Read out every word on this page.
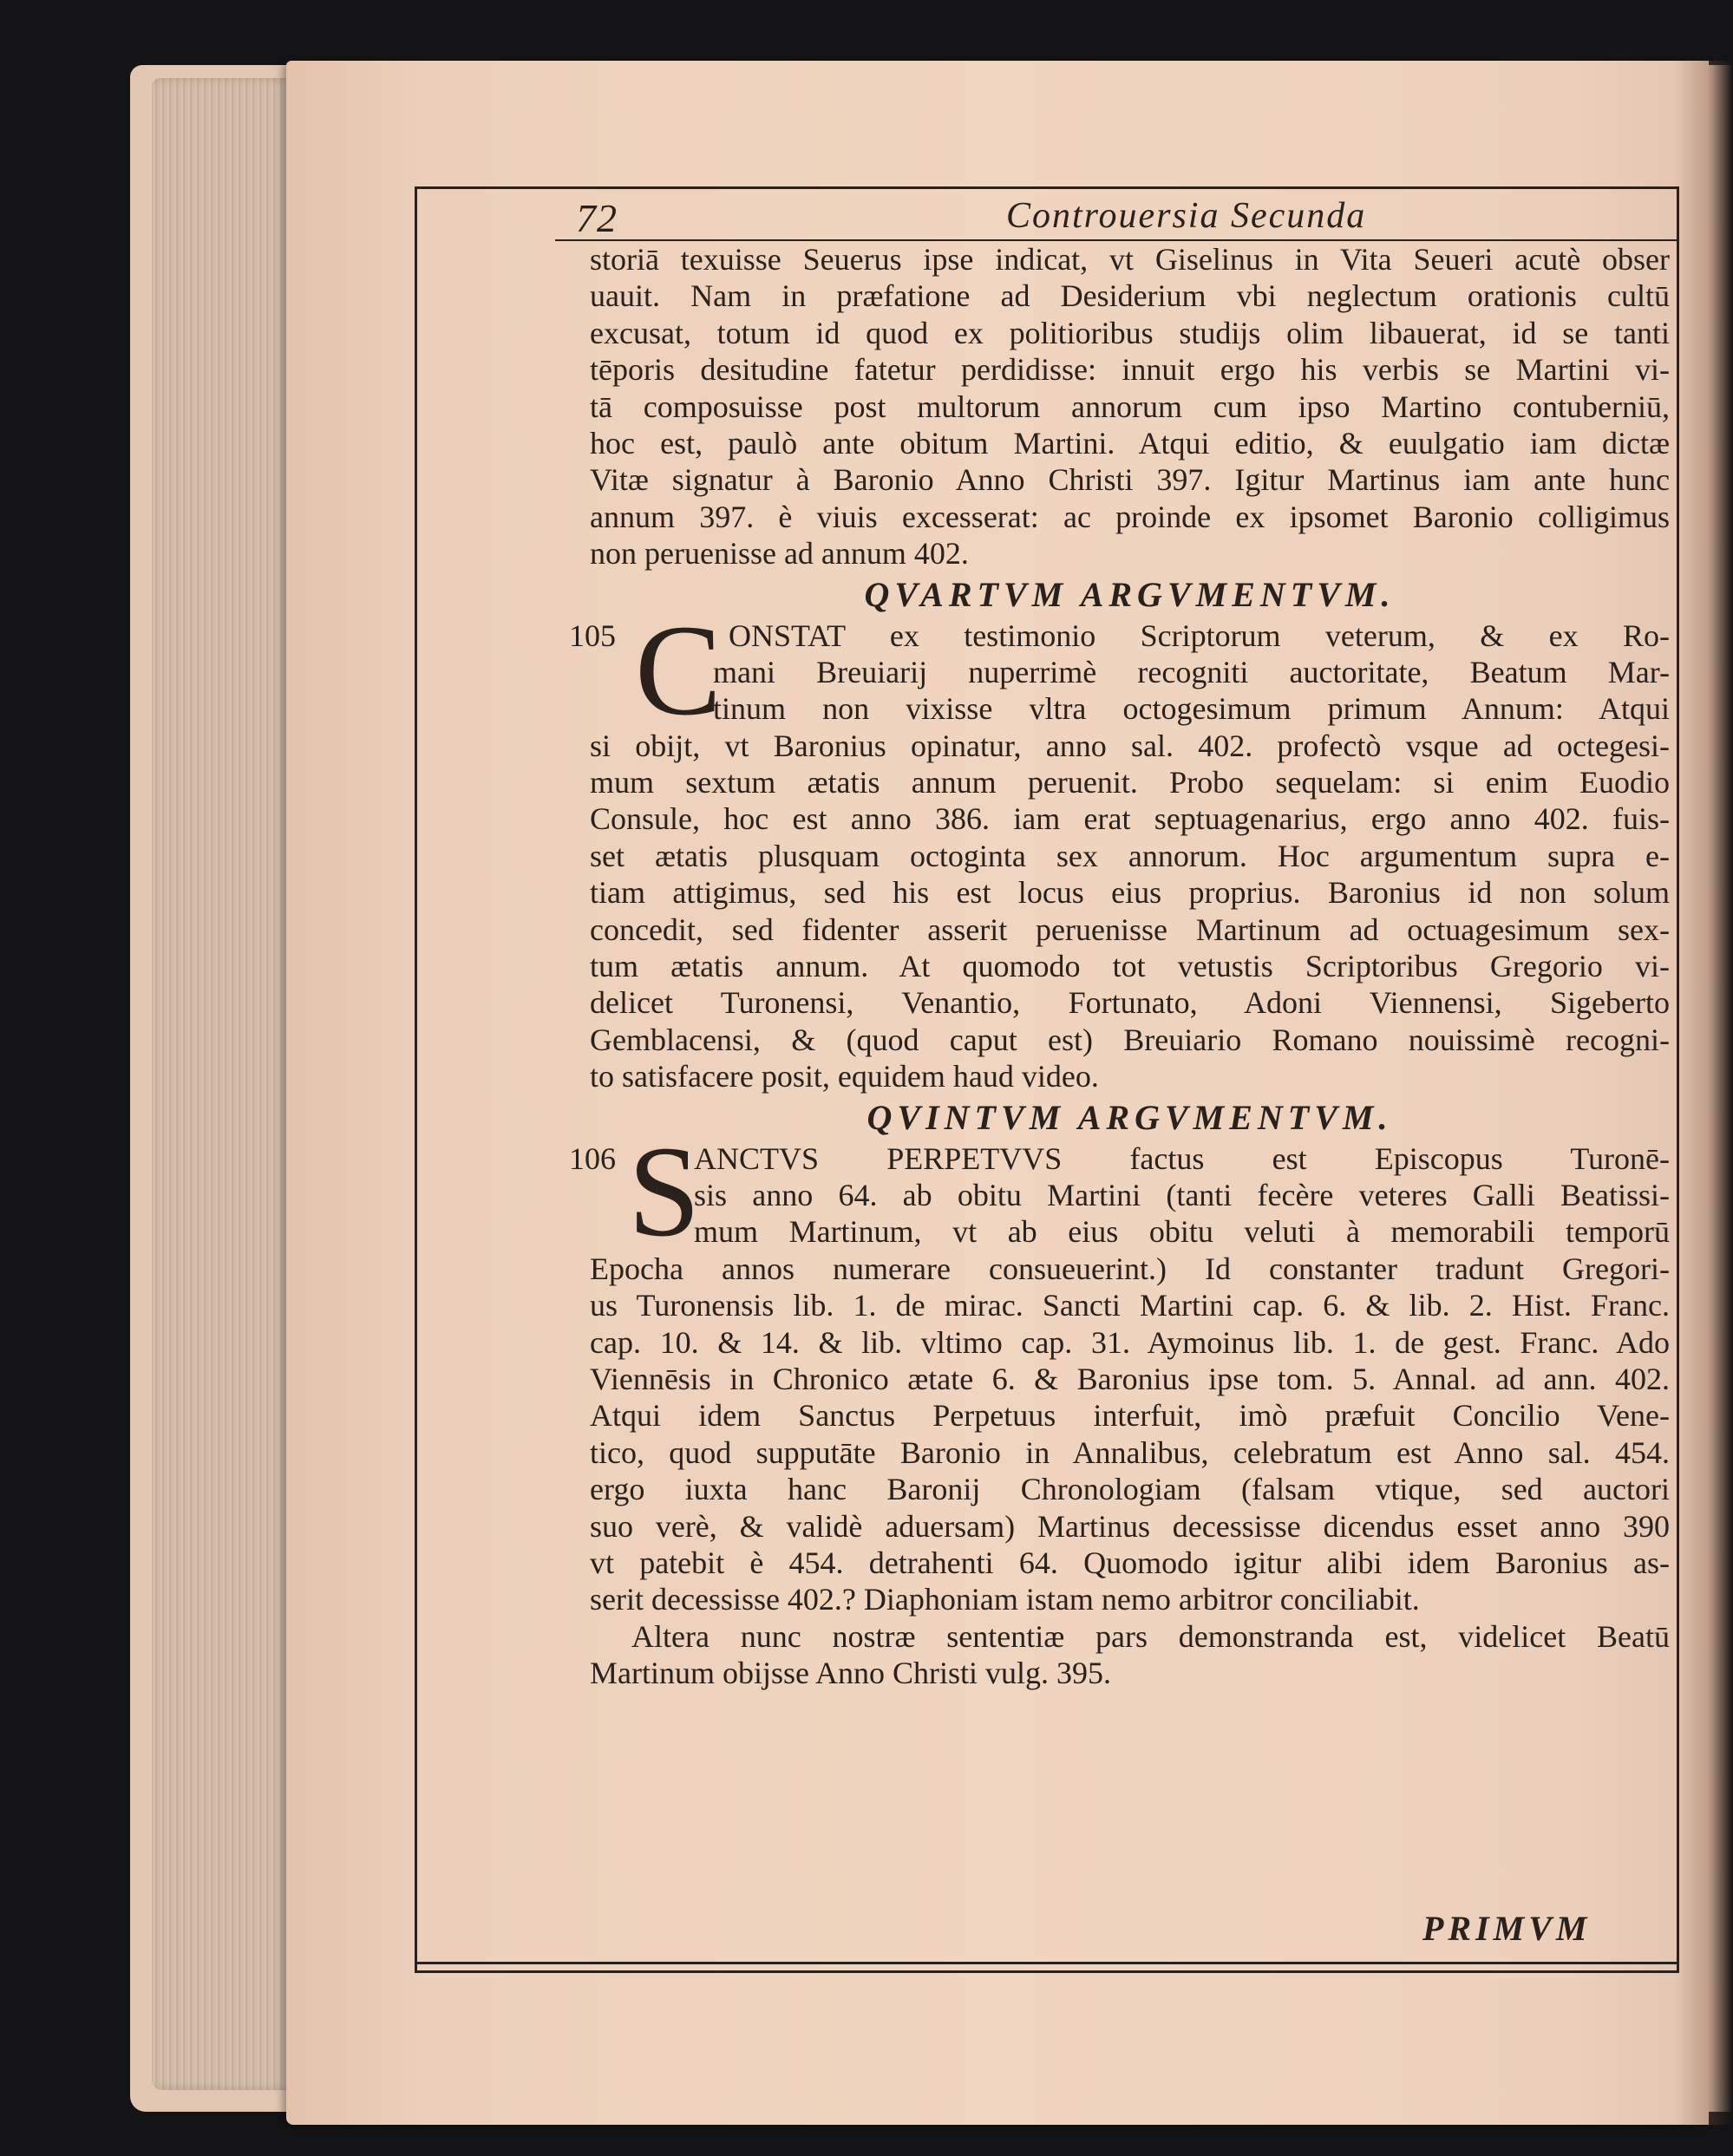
72	Controuersia Secunda
storiā texuisse Seuerus ipse indicat, vt Giselinus in Vita Seueri acutè obser
uauit. Nam in præfatione ad Desiderium vbi neglectum orationis cultū
excusat, totum id quod ex politioribus studijs olim libauerat, id se tanti
tēporis desitudine fatetur perdidisse: innuit ergo his verbis se Martini vi-
tā composuisse post multorum annorum cum ipso Martino contuberniū,
hoc est, paulò ante obitum Martini. Atqui editio, & euulgatio iam dictæ
Vitæ signatur à Baronio Anno Christi 397. Igitur Martinus iam ante hunc
annum 397. è viuis excesserat: ac proinde ex ipsomet Baronio colligimus
non peruenisse ad annum 402.
QVARTVM ARGVMENTVM.
105 C ONSTAT ex testimonio Scriptorum veterum, & ex Ro-
mani Breuiarij nuperrimè recogniti auctoritate, Beatum Mar-
tinum non vixisse vltra octogesimum primum Annum: Atqui
si obijt, vt Baronius opinatur, anno sal. 402. profectò vsque ad octegesi-
mum sextum ætatis annum peruenit. Probo sequelam: si enim Euodio
Consule, hoc est anno 386. iam erat septuagenarius, ergo anno 402. fuis-
set ætatis plusquam octoginta sex annorum. Hoc argumentum supra e-
tiam attigimus, sed his est locus eius proprius. Baronius id non solum
concedit, sed fidenter asserit peruenisse Martinum ad octuagesimum sex-
tum ætatis annum. At quomodo tot vetustis Scriptoribus Gregorio vi-
delicet Turonensi, Venantio, Fortunato, Adoni Viennensi, Sigeberto
Gemblacensi, & (quod caput est) Breuiario Romano nouissimè recogni-
to satisfacere posit, equidem haud video.
QVINTVM ARGVMENTVM.
106 S
ANCTVS PERPETVVS factus est Episcopus Turonē-
sis anno 64. ab obitu Martini (tanti fecère veteres Galli Beatissi-
mum Martinum, vt ab eius obitu veluti à memorabili temporū
Epocha annos numerare consueuerint.) Id constanter tradunt Gregori-
us Turonensis lib. 1. de mirac. Sancti Martini cap. 6. & lib. 2. Hist. Franc.
cap. 10. & 14. & lib. vltimo cap. 31. Aymoinus lib. 1. de gest. Franc. Ado
Viennēsis in Chronico ætate 6. & Baronius ipse tom. 5. Annal. ad ann. 402.
Atqui idem Sanctus Perpetuus interfuit, imò præfuit Concilio Vene-
tico, quod supputāte Baronio in Annalibus, celebratum est Anno sal. 454.
ergo iuxta hanc Baronij Chronologiam (falsam vtique, sed auctori
suo verè, & validè aduersam) Martinus decessisse dicendus esset anno 390
vt patebit è 454. detrahenti 64. Quomodo igitur alibi idem Baronius as-
serit decessisse 402.? Diaphoniam istam nemo arbitror conciliabit.
Altera nunc nostræ sententiæ pars demonstranda est, videlicet Beatū
Martinum obijsse Anno Christi vulg. 395.
PRIMVM
